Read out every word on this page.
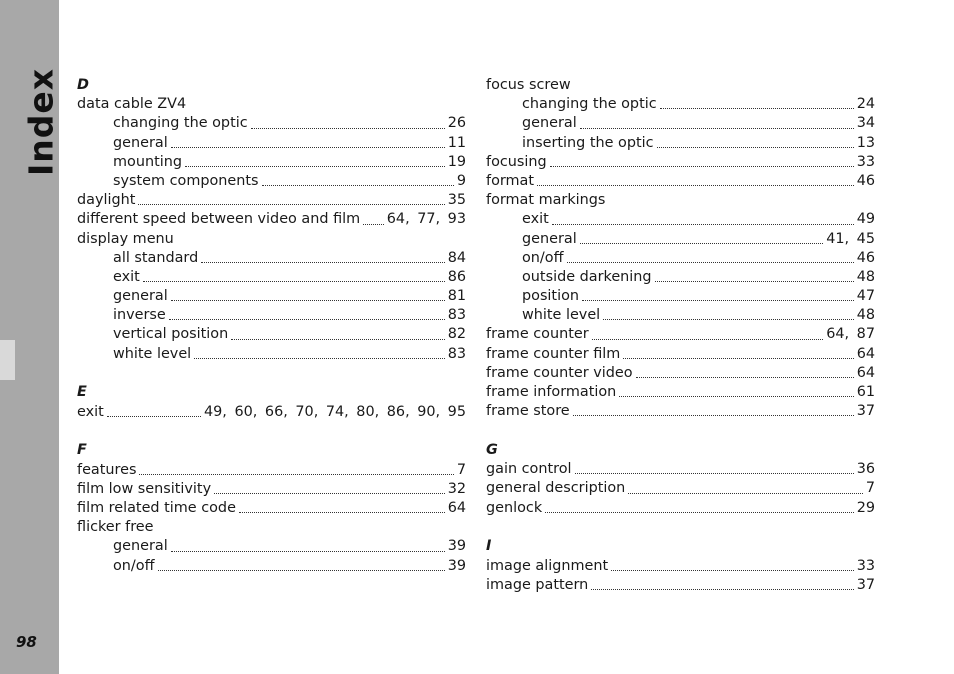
Index
98
D
data cable ZV4
changing the optic	26
general	11
mounting	19
system components	9
daylight	35
different speed between video and film 64, 77, 93
display menu
all standard	84
exit	86
general	81
inverse	83
vertical position	82
white level	83
E
exit	49, 60, 66, 70, 74, 80, 86, 90, 95
F
features	7
film low sensitivity	32
film related time code	64
flicker free
general	39
on/off	39
focus screw
changing the optic	24
general	34
inserting the optic	13
focusing	33
format	46
format markings
exit	49
general	41, 45
on/off	46
outside darkening	48
position	47
white level	48
frame counter	64, 87
frame counter film	64
frame counter video	64
frame information	61
frame store	37
G
gain control	36
general description	7
genlock	29
I
image alignment	33
image pattern	37
